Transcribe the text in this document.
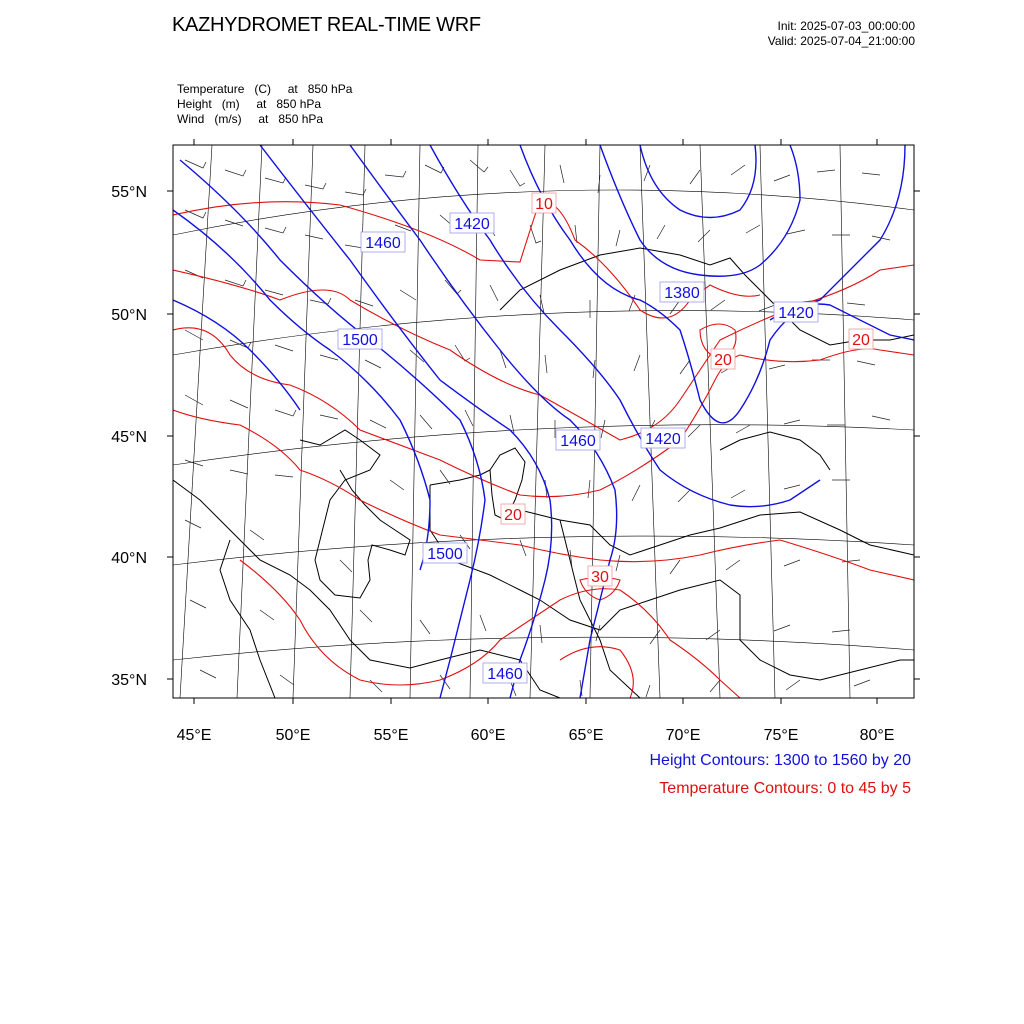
KAZHYDROMET REAL-TIME WRF	Init: 2025-07-03_00:00:00
Valid: 2025-07-04_21:00:00
Temperature   (C)     at   850 hPa
Height   (m)     at   850 hPa
Wind   (m/s)     at   850 hPa
1420
1460
1500
1380
1420
1460	1420
1500
1460
10
20
20
20
30
45°E	50°E	55°E	60°E	65°E	70°E	75°E	80°E
55°N
50°N
45°N
40°N
35°N
Height Contours: 1300 to 1560 by 20
Temperature Contours: 0 to 45 by 5
